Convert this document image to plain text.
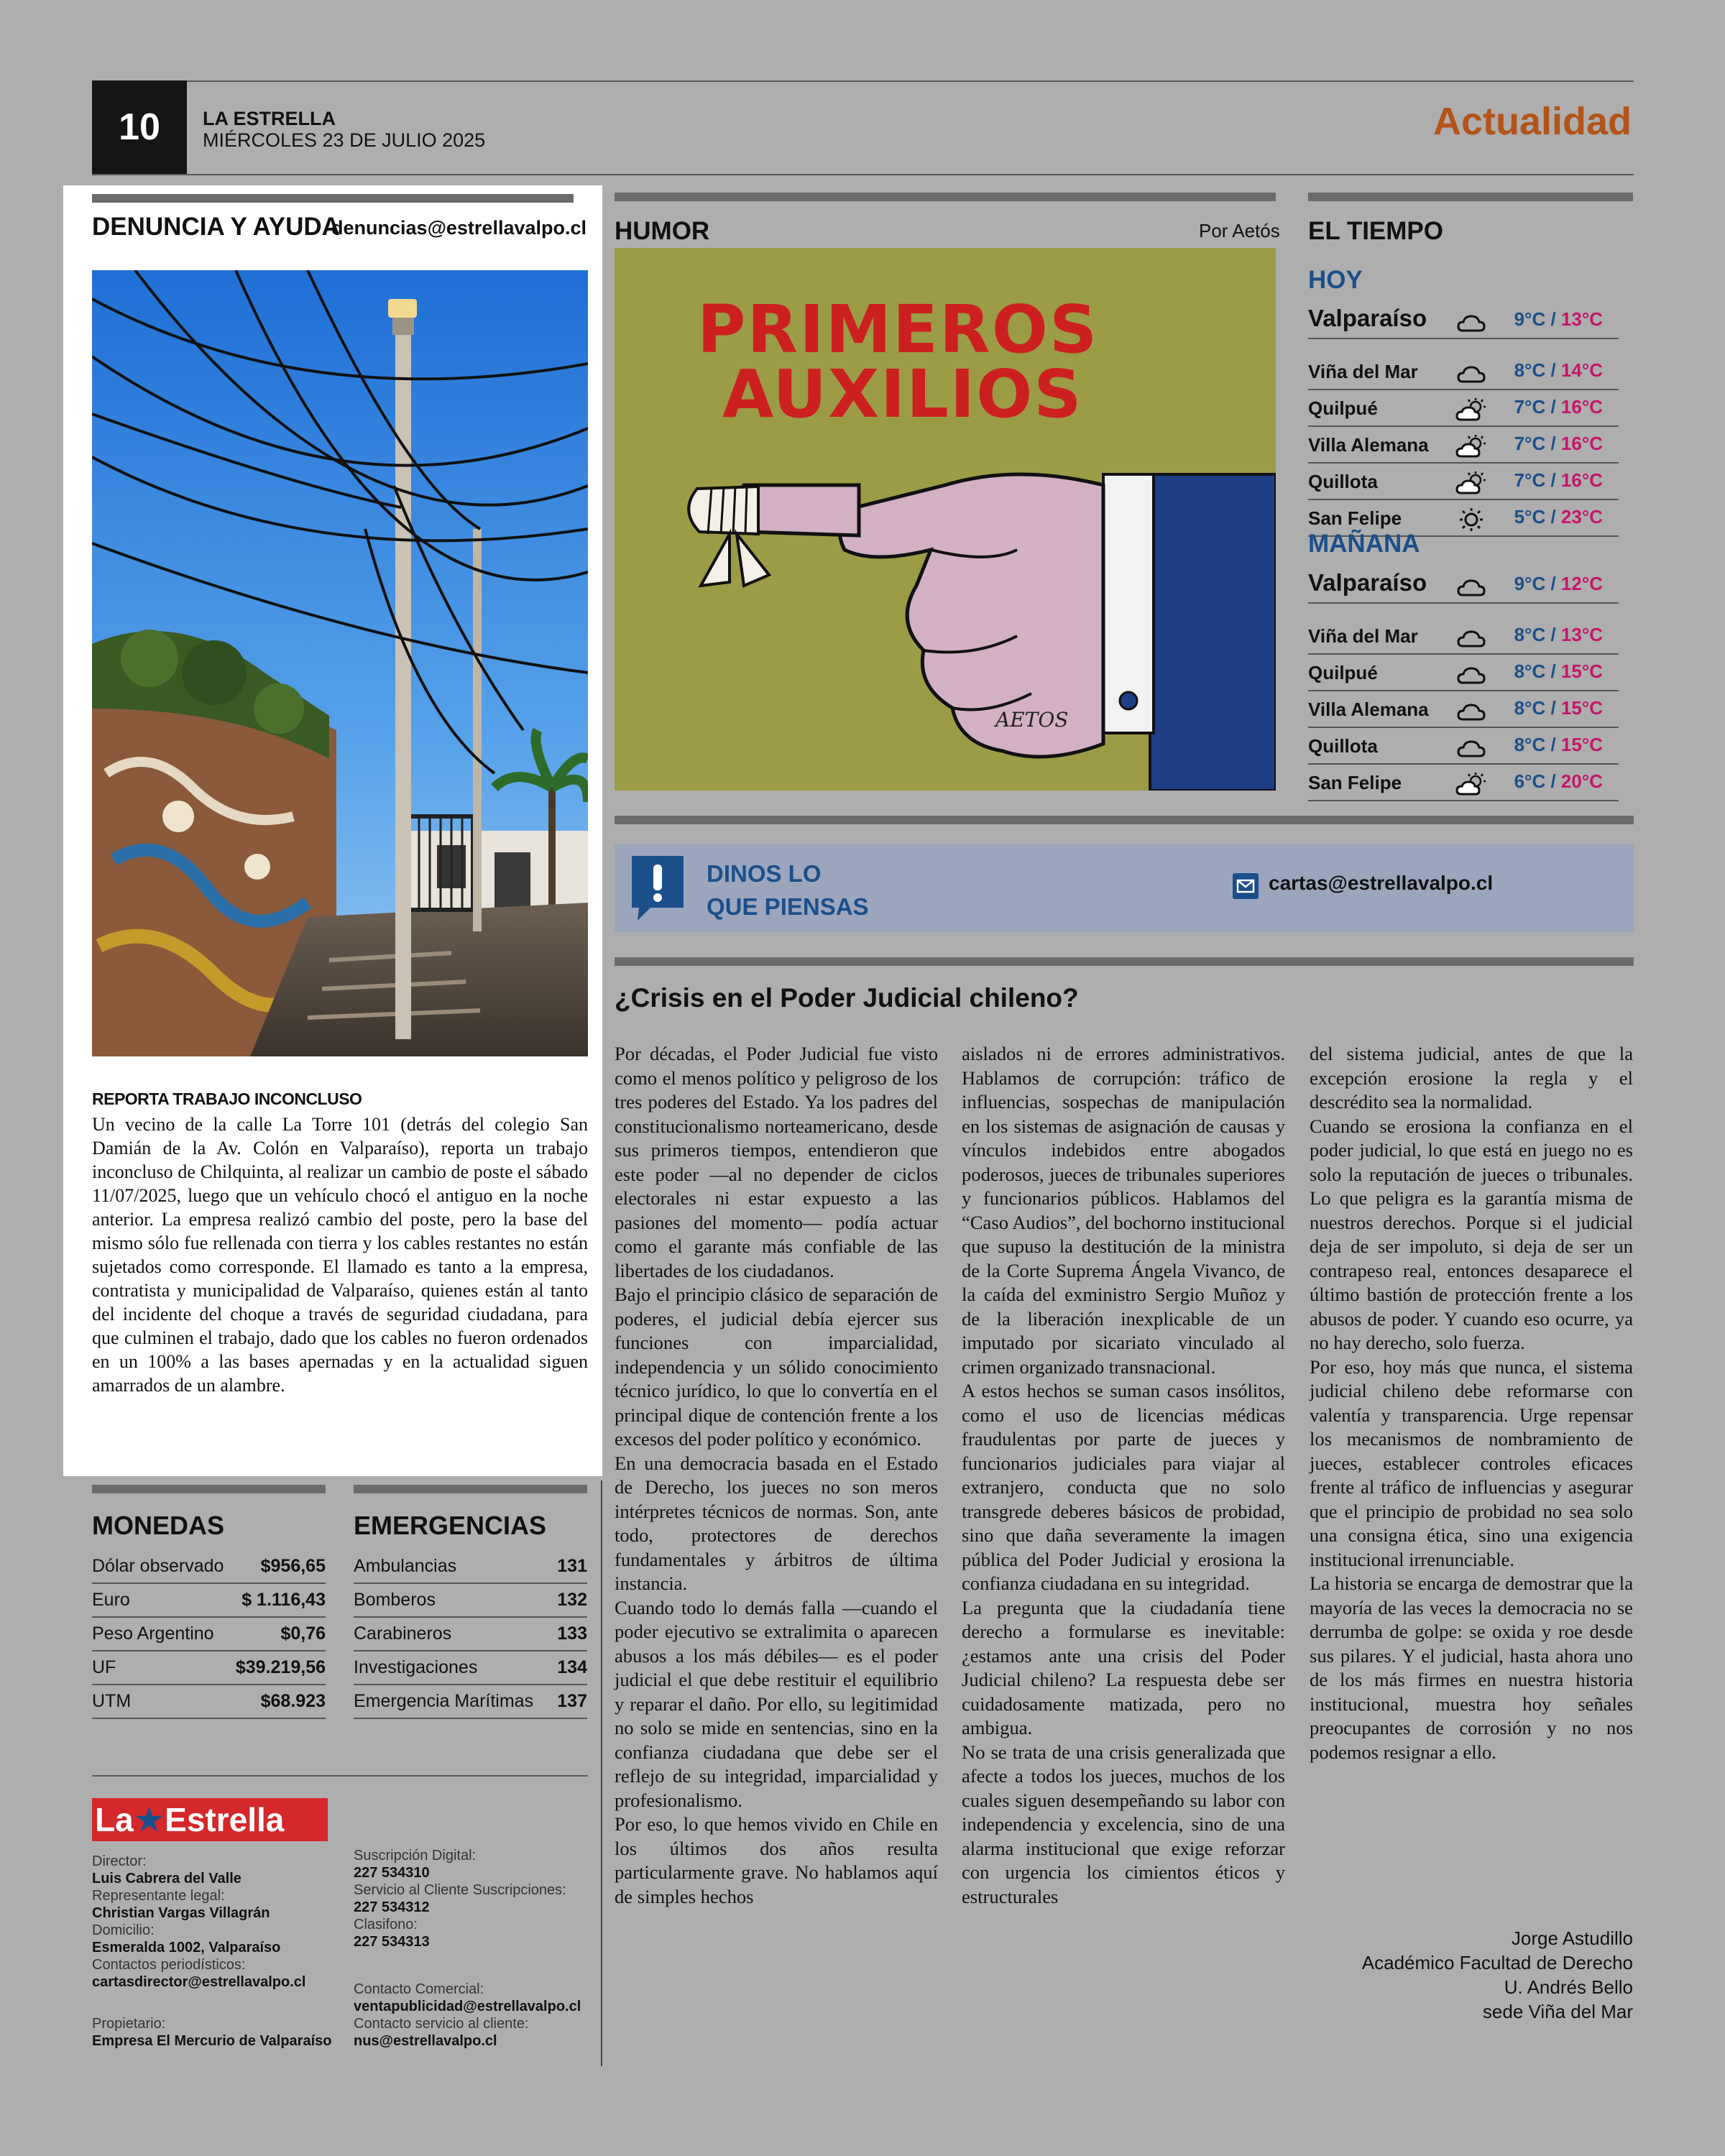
10	LA ESTRELLA
MIÉRCOLES 23 DE JULIO 2025	Actualidad
DENUNCIA Y AYUDA
denuncias@estrellavalpo.cl
REPORTA TRABAJO INCONCLUSO
Un vecino de la calle La Torre 101 (detrás del colegio San Damián de la Av. Colón en Valparaíso), reporta un trabajo inconcluso de Chilquinta, al realizar un cambio de poste el sábado 11/07/2025, luego que un vehículo chocó el antiguo en la noche anterior. La empresa realizó cambio del poste, pero la base del mismo sólo fue rellenada con tierra y los cables restantes no están sujetados como corresponde. El llamado es tanto a la empresa, contratista y municipalidad de Valparaíso, quienes están al tanto del incidente del choque a través de seguridad ciudadana, para que culminen el trabajo, dado que los cables no fueron ordenados en un 100% a las bases apernadas y en la actualidad siguen amarrados de un alambre.
HUMOR	Por Aetós
PRIMEROS
AUXILIOS
AETOS
EL TIEMPO
HOY
Valparaíso	9°C / 13°C
Viña del Mar	8°C / 14°C
Quilpué	7°C / 16°C
Villa Alemana	7°C / 16°C
Quillota	7°C / 16°C
San Felipe	5°C / 23°C
MAÑANA
Valparaíso	9°C / 12°C
Viña del Mar	8°C / 13°C
Quilpué	8°C / 15°C
Villa Alemana	8°C / 15°C
Quillota	8°C / 15°C
San Felipe	6°C / 20°C
DINOS LO
QUE PIENSAS
cartas@estrellavalpo.cl
¿Crisis en el Poder Judicial chileno?

Por décadas, el Poder Judicial fue visto como el menos político y peligroso de los tres poderes del Estado. Ya los padres del constitucionalismo norteamericano, desde sus primeros tiempos, entendieron que este poder —al no depender de ciclos electorales ni estar expuesto a las pasiones del momento— podía actuar como el garante más confiable de las libertades de los ciudadanos.

Bajo el principio clásico de separación de poderes, el judicial debía ejercer sus funciones con imparcialidad, independencia y un sólido conocimiento técnico jurídico, lo que lo convertía en el principal dique de contención frente a los excesos del poder político y económico.

En una democracia basada en el Estado de Derecho, los jueces no son meros intérpretes técnicos de normas. Son, ante todo, protectores de derechos fundamentales y árbitros de última instancia.

Cuando todo lo demás falla —cuando el poder ejecutivo se extralimita o aparecen abusos a los más débiles— es el poder judicial el que debe restituir el equilibrio y reparar el daño. Por ello, su legitimidad no solo se mide en sentencias, sino en la confianza ciudadana que debe ser el reflejo de su integridad, imparcialidad y profesionalismo.

Por eso, lo que hemos vivido en Chile en los últimos dos años resulta particularmente grave. No hablamos aquí de simples hechos

aislados ni de errores administrativos. Hablamos de corrupción: tráfico de influencias, sospechas de manipulación en los sistemas de asignación de causas y vínculos indebidos entre abogados poderosos, jueces de tribunales superiores y funcionarios públicos. Hablamos del “Caso Audios”, del bochorno institucional que supuso la destitución de la ministra de la Corte Suprema Ángela Vivanco, de la caída del exministro Sergio Muñoz y de la liberación inexplicable de un imputado por sicariato vinculado al crimen organizado transnacional.

A estos hechos se suman casos insólitos, como el uso de licencias médicas fraudulentas por parte de jueces y funcionarios judiciales para viajar al extranjero, conducta que no solo transgrede deberes básicos de probidad, sino que daña severamente la imagen pública del Poder Judicial y erosiona la confianza ciudadana en su integridad.

La pregunta que la ciudadanía tiene derecho a formularse es inevitable: ¿estamos ante una crisis del Poder Judicial chileno? La respuesta debe ser cuidadosamente matizada, pero no ambigua.

No se trata de una crisis generalizada que afecte a todos los jueces, muchos de los cuales siguen desempeñando su labor con independencia y excelencia, sino de una alarma institucional que exige reforzar con urgencia los cimientos éticos y estructurales

del sistema judicial, antes de que la excepción erosione la regla y el descrédito sea la normalidad.

Cuando se erosiona la confianza en el poder judicial, lo que está en juego no es solo la reputación de jueces o tribunales. Lo que peligra es la garantía misma de nuestros derechos. Porque si el judicial deja de ser impoluto, si deja de ser un contrapeso real, entonces desaparece el último bastión de protección frente a los abusos de poder. Y cuando eso ocurre, ya no hay derecho, solo fuerza.

Por eso, hoy más que nunca, el sistema judicial chileno debe reformarse con valentía y transparencia. Urge repensar los mecanismos de nombramiento de jueces, establecer controles eficaces frente al tráfico de influencias y asegurar que el principio de probidad no sea solo una consigna ética, sino una exigencia institucional irrenunciable.

La historia se encarga de demostrar que la mayoría de las veces la democracia no se derrumba de golpe: se oxida y roe desde sus pilares. Y el judicial, hasta ahora uno de los más firmes en nuestra historia institucional, muestra hoy señales preocupantes de corrosión y no nos podemos resignar a ello.

Jorge Astudillo
Académico Facultad de Derecho
U. Andrés Bello
sede Viña del Mar
MONEDAS	EMERGENCIAS
Dólar observado $956,65
Euro	$ 1.116,43
Peso Argentino	$0,76
UF	$39.219,56
UTM	$68.923
Ambulancias	131
Bomberos	132
Carabineros	133
Investigaciones	134
Emergencia Marítimas 137
La ★ Estrella
Director:
Luis Cabrera del Valle
Representante legal:
Christian Vargas Villagrán
Domicilio:
Esmeralda 1002, Valparaíso
Contactos periodísticos:
cartasdirector@estrellavalpo.cl
Propietario:
Empresa El Mercurio de Valparaíso
Suscripción Digital:
227 534310
Servicio al Cliente Suscripciones:
227 534312
Clasifono:
227 534313
Contacto Comercial:
ventapublicidad@estrellavalpo.cl
Contacto servicio al cliente:
nus@estrellavalpo.cl
